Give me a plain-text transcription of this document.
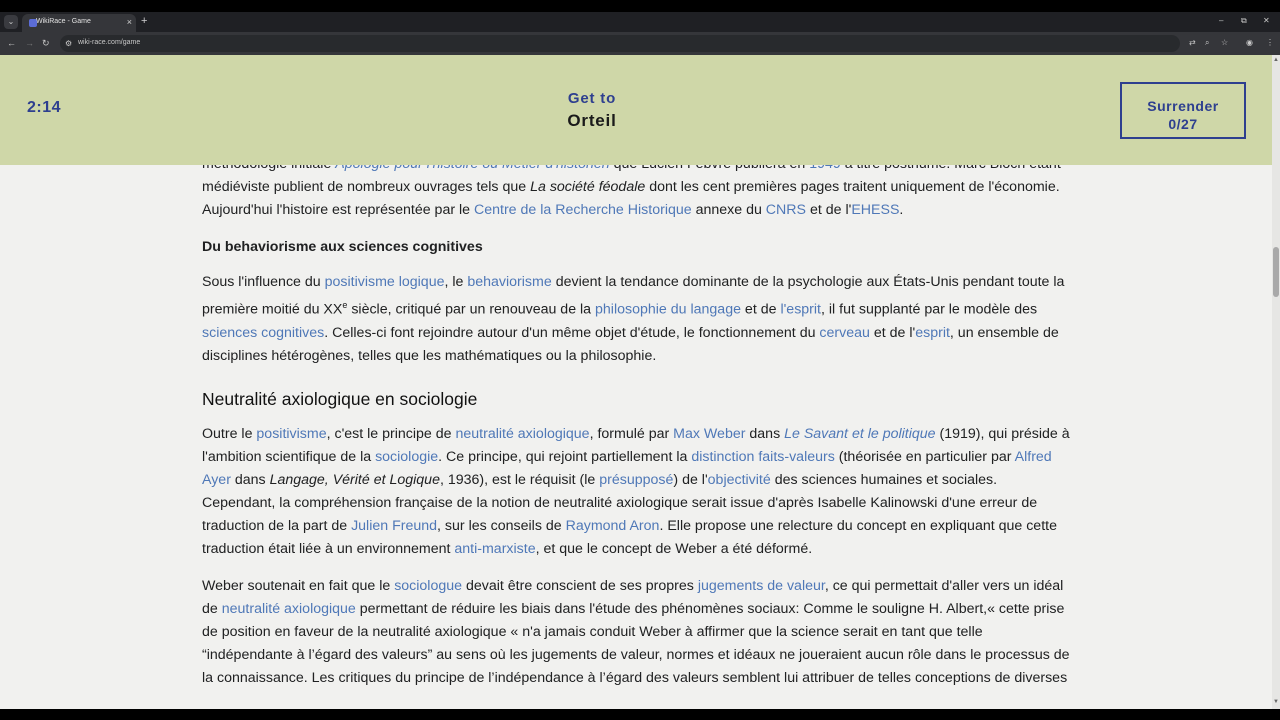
⌄	WikiRace - Game	× +	– ⧉ ✕
← → ↻ ⚙ wiki-race.com/game	⇄ ⌕ ☆ ◉ ⋮

médiéviste publient de nombreux ouvrages tels que La société féodale dont les cent premières pages traitent uniquement de l'économie. Aujourd'hui l'histoire est représentée par le Centre de la Recherche Historique annexe du CNRS et de l'EHESS.

Du behaviorisme aux sciences cognitives

Sous l'influence du positivisme logique, le behaviorisme devient la tendance dominante de la psychologie aux États-Unis pendant toute la première moitié du XXe siècle, critiqué par un renouveau de la philosophie du langage et de l'esprit, il fut supplanté par le modèle des sciences cognitives. Celles-ci font rejoindre autour d'un même objet d'étude, le fonctionnement du cerveau et de l'esprit, un ensemble de disciplines hétérogènes, telles que les mathématiques ou la philosophie.

Neutralité axiologique en sociologie

Outre le positivisme, c'est le principe de neutralité axiologique, formulé par Max Weber dans Le Savant et le politique (1919), qui préside à l'ambition scientifique de la sociologie. Ce principe, qui rejoint partiellement la distinction faits-valeurs (théorisée en particulier par Alfred Ayer dans Langage, Vérité et Logique, 1936), est le réquisit (le présupposé) de l'objectivité des sciences humaines et sociales. Cependant, la compréhension française de la notion de neutralité axiologique serait issue d'après Isabelle Kalinowski d'une erreur de traduction de la part de Julien Freund, sur les conseils de Raymond Aron. Elle propose une relecture du concept en expliquant que cette traduction était liée à un environnement anti-marxiste, et que le concept de Weber a été déformé.

Weber soutenait en fait que le sociologue devait être conscient de ses propres jugements de valeur, ce qui permettait d'aller vers un idéal de neutralité axiologique permettant de réduire les biais dans l'étude des phénomènes sociaux: Comme le souligne H. Albert,« cette prise de position en faveur de la neutralité axiologique « n'a jamais conduit Weber à affirmer que la science serait en tant que telle “indépendante à l’égard des valeurs” au sens où les jugements de valeur, normes et idéaux ne joueraient aucun rôle dans le processus de la connaissance. Les critiques du principe de l’indépendance à l’égard des valeurs semblent lui attribuer de telles conceptions de diverses

2:14
Get to
Orteil
Surrender
0/27
▲
▼
